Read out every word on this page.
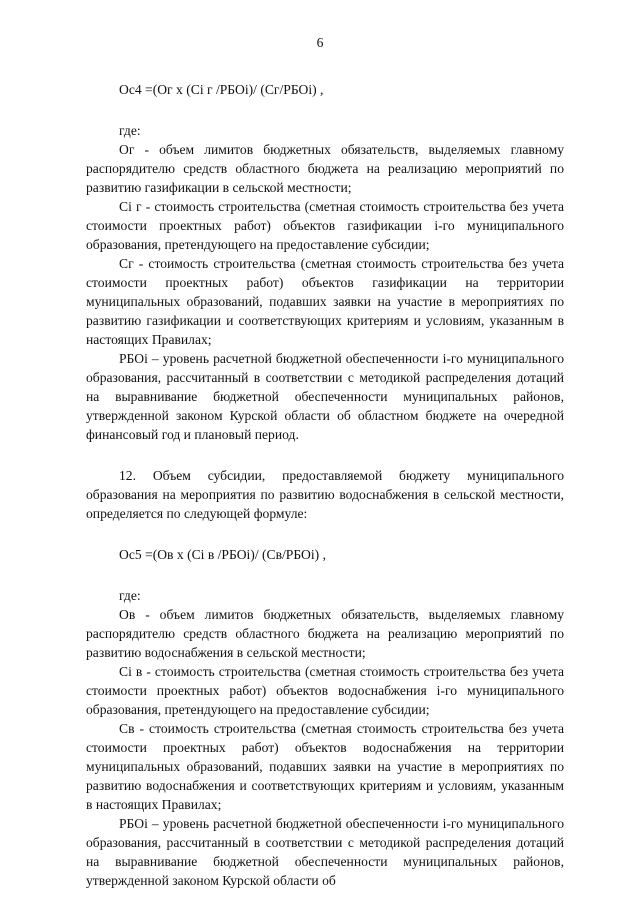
6
Ос4 =(Ог х (Сi г /РБОi)/ (Сг/РБОi) ,
где:

Ог - объем лимитов бюджетных обязательств, выделяемых главному распорядителю средств областного бюджета на реализацию мероприятий по развитию газификации в сельской местности;

Сi г - стоимость строительства (сметная стоимость строительства без учета стоимости проектных работ) объектов газификации i-го муниципального образования, претендующего на предоставление субсидии;

Сг - стоимость строительства (сметная стоимость строительства без учета стоимости проектных работ) объектов газификации на территории муниципальных образований, подавших заявки на участие в мероприятиях по развитию газификации и соответствующих критериям и условиям, указанным в настоящих Правилах;

РБОi – уровень расчетной бюджетной обеспеченности i-го муниципального образования, рассчитанный в соответствии с методикой распределения дотаций на выравнивание бюджетной обеспеченности муниципальных районов, утвержденной законом Курской области об областном бюджете на очередной финансовый год и плановый период.

12. Объем субсидии, предоставляемой бюджету муниципального образования на мероприятия по развитию водоснабжения в сельской местности, определяется по следующей формуле:

Ос5 =(Ов х (Сi в /РБОi)/ (Св/РБОi) ,
где:

Ов - объем лимитов бюджетных обязательств, выделяемых главному распорядителю средств областного бюджета на реализацию мероприятий по развитию водоснабжения в сельской местности;

Сi в - стоимость строительства (сметная стоимость строительства без учета стоимости проектных работ) объектов водоснабжения i-го муниципального образования, претендующего на предоставление субсидии;

Св - стоимость строительства (сметная стоимость строительства без учета стоимости проектных работ) объектов водоснабжения на территории муниципальных образований, подавших заявки на участие в мероприятиях по развитию водоснабжения и соответствующих критериям и условиям, указанным в настоящих Правилах;

РБОi – уровень расчетной бюджетной обеспеченности i-го муниципального образования, рассчитанный в соответствии с методикой распределения дотаций на выравнивание бюджетной обеспеченности муниципальных районов, утвержденной законом Курской области об
